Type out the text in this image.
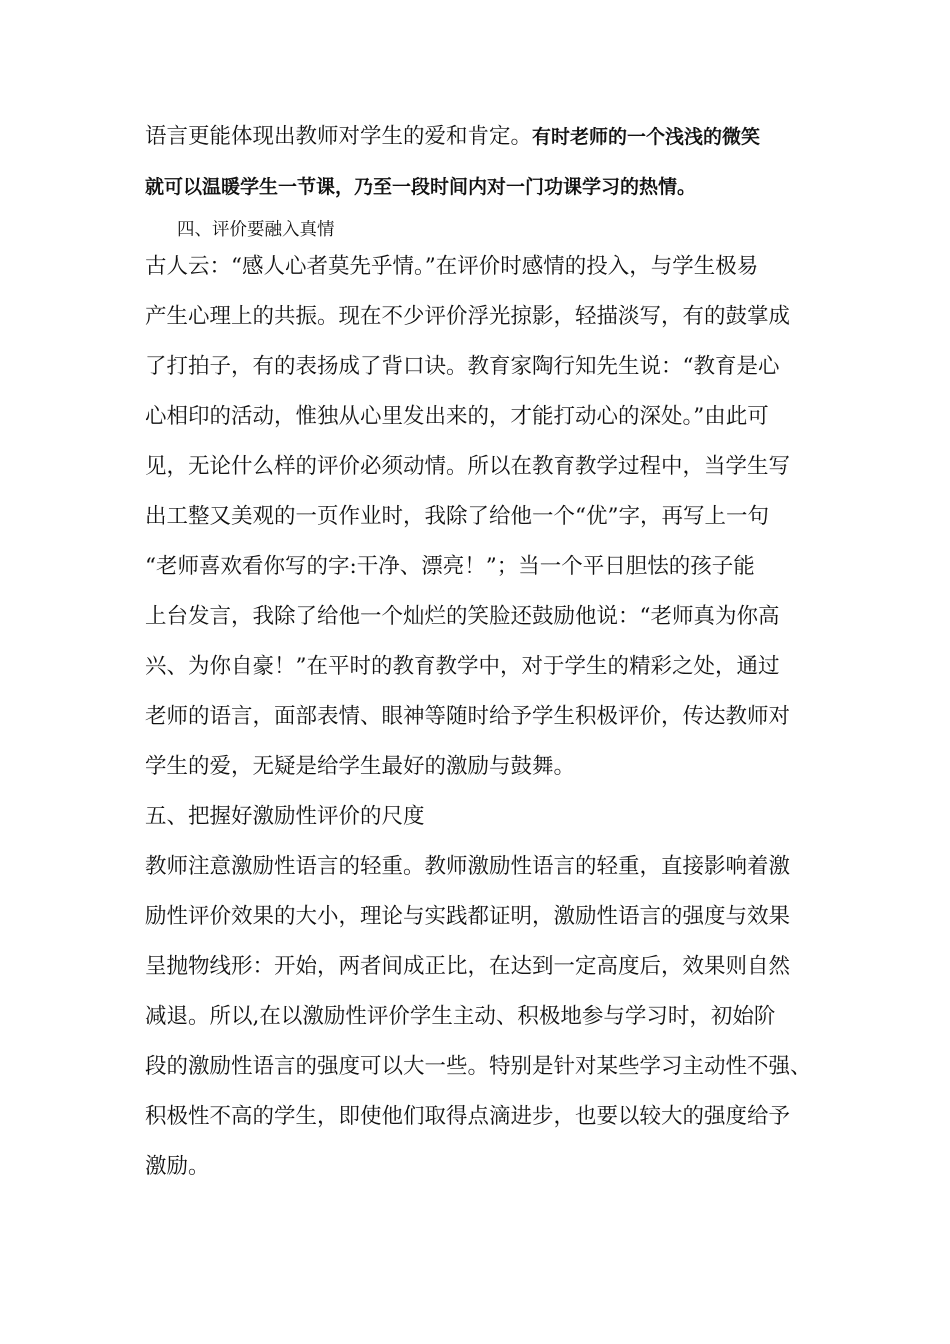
语言更能体现出教师对学生的爱和肯定。有时老师的一个浅浅的微笑
就可以温暖学生一节课，乃至一段时间内对一门功课学习的热情。
四、评价要融入真情
古人云：“感人心者莫先乎情。”在评价时感情的投入，与学生极易
产生心理上的共振。现在不少评价浮光掠影，轻描淡写，有的鼓掌成
了打拍子，有的表扬成了背口诀。教育家陶行知先生说：“教育是心
心相印的活动，惟独从心里发出来的，才能打动心的深处。”由此可
见，无论什么样的评价必须动情。所以在教育教学过程中，当学生写
出工整又美观的一页作业时，我除了给他一个“优”字，再写上一句
“老师喜欢看你写的字:干净、漂亮！”；当一个平日胆怯的孩子能
上台发言，我除了给他一个灿烂的笑脸还鼓励他说：“老师真为你高
兴、为你自豪！”在平时的教育教学中，对于学生的精彩之处，通过
老师的语言，面部表情、眼神等随时给予学生积极评价，传达教师对
学生的爱，无疑是给学生最好的激励与鼓舞。
五、把握好激励性评价的尺度
教师注意激励性语言的轻重。教师激励性语言的轻重，直接影响着激
励性评价效果的大小，理论与实践都证明，激励性语言的强度与效果
呈抛物线形：开始，两者间成正比，在达到一定高度后，效果则自然
减退。所以,在以激励性评价学生主动、积极地参与学习时，初始阶
段的激励性语言的强度可以大一些。特别是针对某些学习主动性不强、
积极性不高的学生，即使他们取得点滴进步，也要以较大的强度给予
激励。
